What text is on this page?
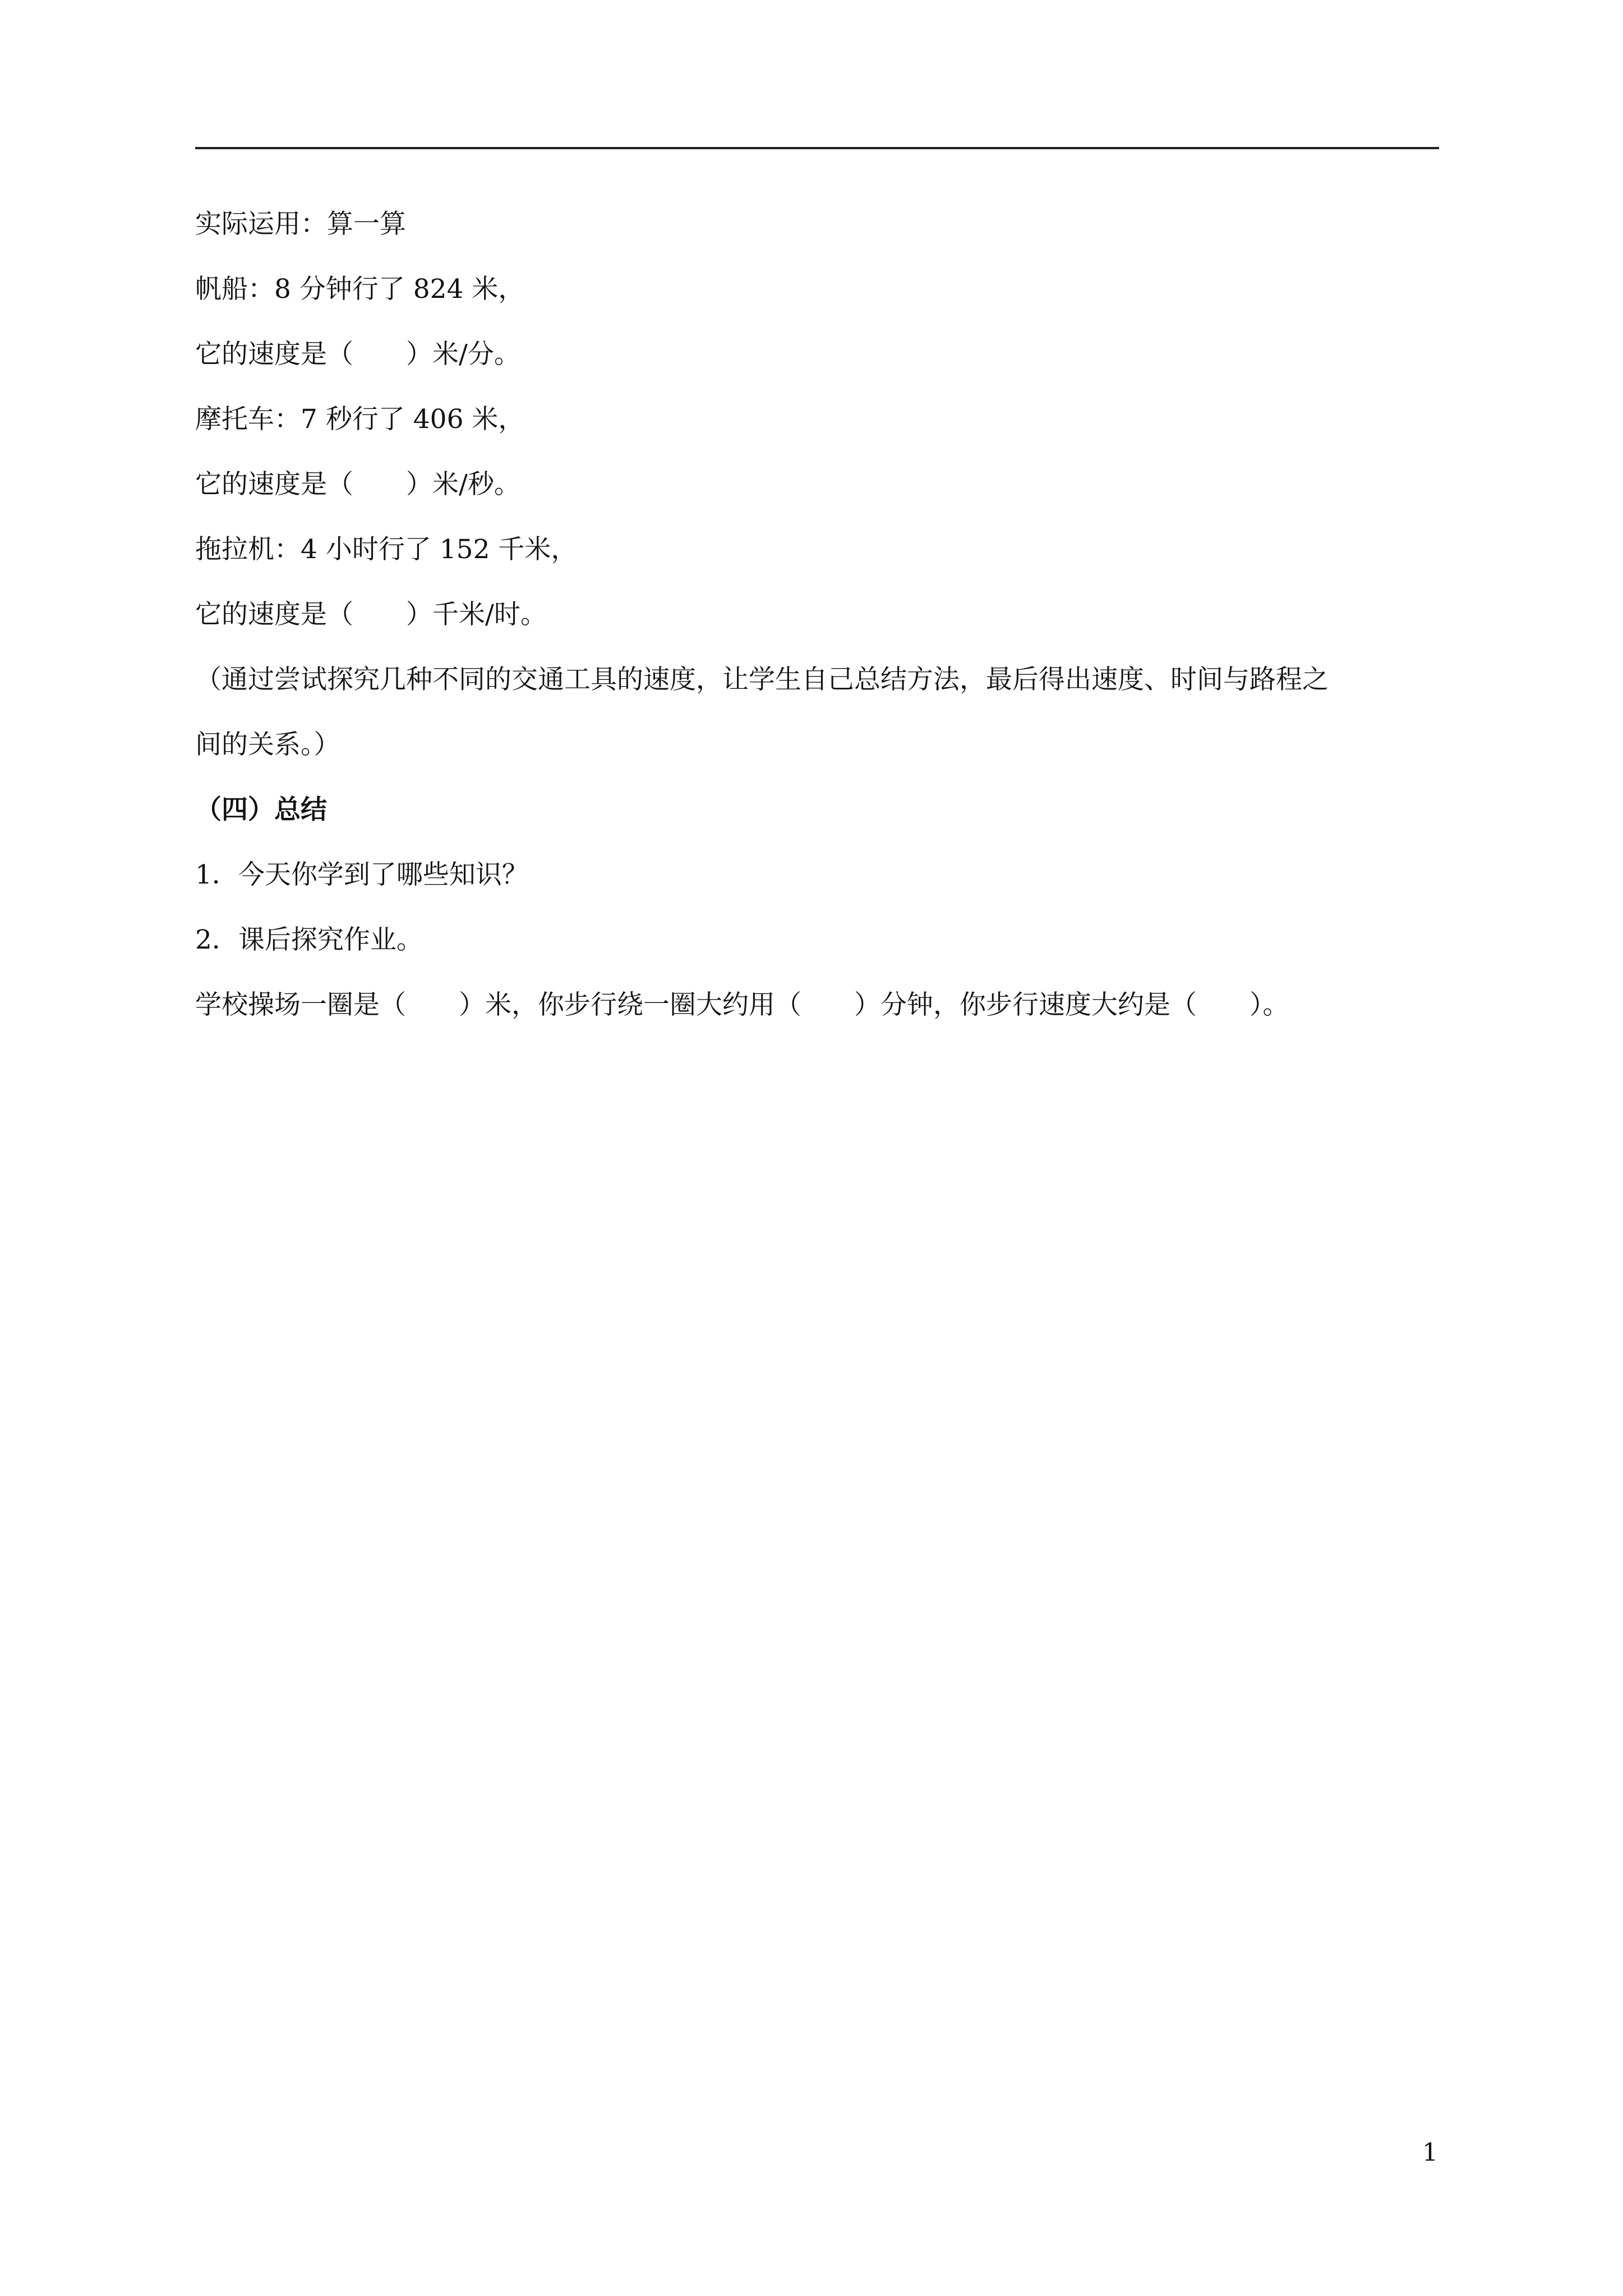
实际运用：算一算
帆船：8 分钟行了 824 米，
它的速度是（　　）米/分。
摩托车：7 秒行了 406 米，
它的速度是（　　）米/秒。
拖拉机：4 小时行了 152 千米，
它的速度是（　　）千米/时。
（通过尝试探究几种不同的交通工具的速度，让学生自己总结方法，最后得出速度、时间与路程之
间的关系。）
（四）总结
1．今天你学到了哪些知识？
2．课后探究作业。
学校操场一圈是（　　）米，你步行绕一圈大约用（　　）分钟，你步行速度大约是（　　）。
1
